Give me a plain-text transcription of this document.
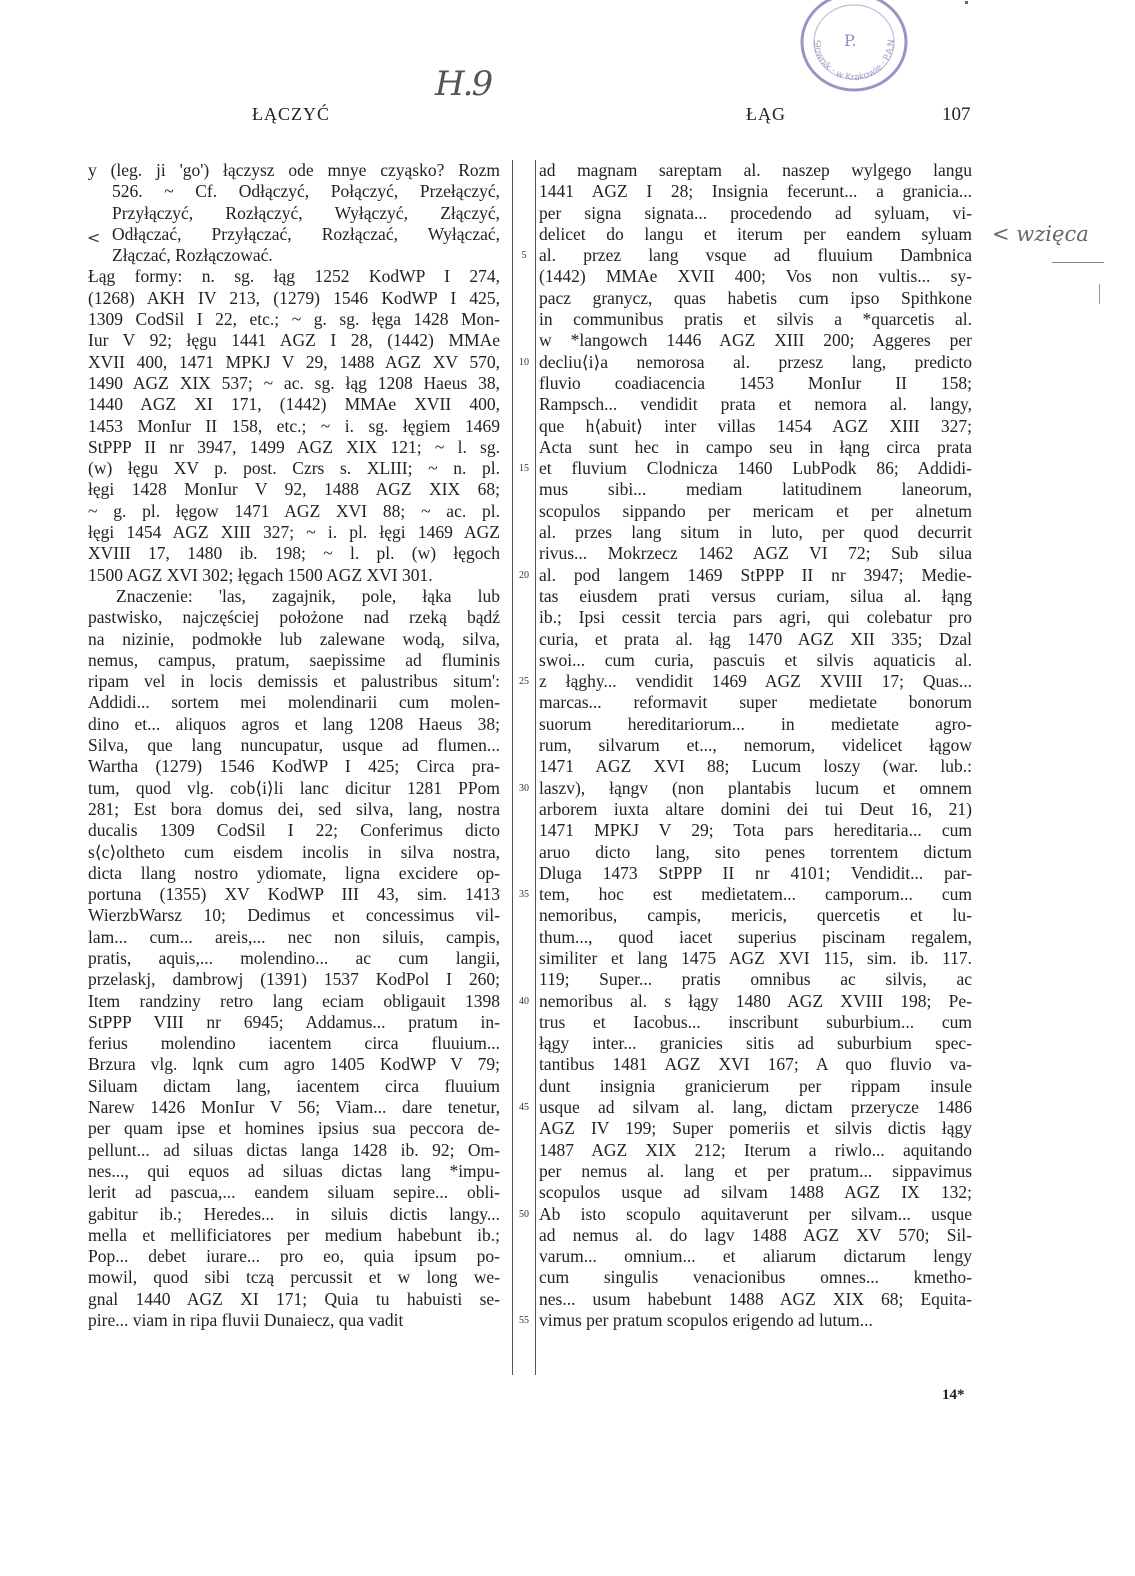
P.
Słownik · w Krakowie · P.A.N
H.9
< wzięca
<
ŁĄCZYĆ	ŁĄG	107
y (leg. ji 'go') łączysz ode mnye czyąsko? Rozm
526. ~ Cf. Odłączyć, Połączyć, Przełączyć,
Przyłączyć, Rozłączyć, Wyłączyć, Złączyć,
Odłączać, Przyłączać, Rozłączać, Wyłączać,
Złączać, Rozłączować.
Łąg formy: n. sg. łąg 1252 KodWP I 274,
(1268) AKH IV 213, (1279) 1546 KodWP I 425,
1309 CodSil I 22, etc.; ~ g. sg. łęga 1428 Mon-
Iur V 92; łęgu 1441 AGZ I 28, (1442) MMAe
XVII 400, 1471 MPKJ V 29, 1488 AGZ XV 570,
1490 AGZ XIX 537; ~ ac. sg. łąg 1208 Haeus 38,
1440 AGZ XI 171, (1442) MMAe XVII 400,
1453 MonIur II 158, etc.; ~ i. sg. łęgiem 1469
StPPP II nr 3947, 1499 AGZ XIX 121; ~ l. sg.
(w) łęgu XV p. post. Czrs s. XLIII; ~ n. pl.
łęgi 1428 MonIur V 92, 1488 AGZ XIX 68;
~ g. pl. łęgow 1471 AGZ XVI 88; ~ ac. pl.
łęgi 1454 AGZ XIII 327; ~ i. pl. łęgi 1469 AGZ
XVIII 17, 1480 ib. 198; ~ l. pl. (w) łęgoch
1500 AGZ XVI 302; łęgach 1500 AGZ XVI 301.
Znaczenie: 'las, zagajnik, pole, łąka lub
pastwisko, najczęściej położone nad rzeką bądź
na nizinie, podmokłe lub zalewane wodą, silva,
nemus, campus, pratum, saepissime ad fluminis
ripam vel in locis demissis et palustribus situm':
Addidi... sortem mei molendinarii cum molen-
dino et... aliquos agros et lang 1208 Haeus 38;
Silva, que lang nuncupatur, usque ad flumen...
Wartha (1279) 1546 KodWP I 425; Circa pra-
tum, quod vlg. cob⟨i⟩li lanc dicitur 1281 PPom
281; Est bora domus dei, sed silva, lang, nostra
ducalis 1309 CodSil I 22; Conferimus dicto
s⟨c⟩oltheto cum eisdem incolis in silva nostra,
dicta llang nostro ydiomate, ligna excidere op-
portuna (1355) XV KodWP III 43, sim. 1413
WierzbWarsz 10; Dedimus et concessimus vil-
lam... cum... areis,... nec non siluis, campis,
pratis, aquis,... molendino... ac cum langii,
przelaskj, dambrowj (1391) 1537 KodPol I 260;
Item randziny retro lang eciam obligauit 1398
StPPP VIII nr 6945; Addamus... pratum in-
ferius molendino iacentem circa fluuium...
Brzura vlg. lqnk cum agro 1405 KodWP V 79;
Siluam dictam lang, iacentem circa fluuium
Narew 1426 MonIur V 56; Viam... dare tenetur,
per quam ipse et homines ipsius sua peccora de-
pellunt... ad siluas dictas langa 1428 ib. 92; Om-
nes..., qui equos ad siluas dictas lang *impu-
lerit ad pascua,... eandem siluam sepire... obli-
gabitur ib.; Heredes... in siluis dictis langy...
mella et mellificiatores per medium habebunt ib.;
Pop... debet iurare... pro eo, quia ipsum po-
mowil, quod sibi tczą percussit et w long we-
gnal 1440 AGZ XI 171; Quia tu habuisti se-
pire... viam in ripa fluvii Dunaiecz, qua vadit
5
10
15
20
25
30
35
40
45
50
55
ad magnam sareptam al. naszep wylgego langu
1441 AGZ I 28; Insignia fecerunt... a granicia...
per signa signata... procedendo ad syluam, vi-
delicet do langu et iterum per eandem syluam
al. przez lang vsque ad fluuium Dambnica
(1442) MMAe XVII 400; Vos non vultis... sy-
pacz granycz, quas habetis cum ipso Spithkone
in communibus pratis et silvis a *quarcetis al.
w *langowch 1446 AGZ XIII 200; Aggeres per
decliu⟨i⟩a nemorosa al. przesz lang, predicto
fluvio coadiacencia 1453 MonIur II 158;
Rampsch... vendidit prata et nemora al. langy,
que h⟨abuit⟩ inter villas 1454 AGZ XIII 327;
Acta sunt hec in campo seu in łąng circa prata
et fluvium Clodnicza 1460 LubPodk 86; Addidi-
mus sibi... mediam latitudinem laneorum,
scopulos sippando per mericam et per alnetum
al. przes lang situm in luto, per quod decurrit
rivus... Mokrzecz 1462 AGZ VI 72; Sub silua
al. pod langem 1469 StPPP II nr 3947; Medie-
tas eiusdem prati versus curiam, silua al. łąng
ib.; Ipsi cessit tercia pars agri, qui colebatur pro
curia, et prata al. łąg 1470 AGZ XII 335; Dzal
swoi... cum curia, pascuis et silvis aquaticis al.
z łąghy... vendidit 1469 AGZ XVIII 17; Quas...
marcas... reformavit super medietate bonorum
suorum hereditariorum... in medietate agro-
rum, silvarum et..., nemorum, videlicet łągow
1471 AGZ XVI 88; Lucum loszy (war. lub.:
laszv), łąngv (non plantabis lucum et omnem
arborem iuxta altare domini dei tui Deut 16, 21)
1471 MPKJ V 29; Tota pars hereditaria... cum
aruo dicto lang, sito penes torrentem dictum
Dluga 1473 StPPP II nr 4101; Vendidit... par-
tem, hoc est medietatem... camporum... cum
nemoribus, campis, mericis, quercetis et lu-
thum..., quod iacet superius piscinam regalem,
similiter et lang 1475 AGZ XVI 115, sim. ib. 117.
119; Super... pratis omnibus ac silvis, ac
nemoribus al. s łągy 1480 AGZ XVIII 198; Pe-
trus et Iacobus... inscribunt suburbium... cum
łągy inter... granicies sitis ad suburbium spec-
tantibus 1481 AGZ XVI 167; A quo fluvio va-
dunt insignia granicierum per rippam insule
usque ad silvam al. lang, dictam przerycze 1486
AGZ IV 199; Super pomeriis et silvis dictis łągy
1487 AGZ XIX 212; Iterum a riwlo... aquitando
per nemus al. lang et per pratum... sippavimus
scopulos usque ad silvam 1488 AGZ IX 132;
Ab isto scopulo aquitaverunt per silvam... usque
ad nemus al. do lagv 1488 AGZ XV 570; Sil-
varum... omnium... et aliarum dictarum lengy
cum singulis venacionibus omnes... kmetho-
nes... usum habebunt 1488 AGZ XIX 68; Equita-
vimus per pratum scopulos erigendo ad lutum...
14*
